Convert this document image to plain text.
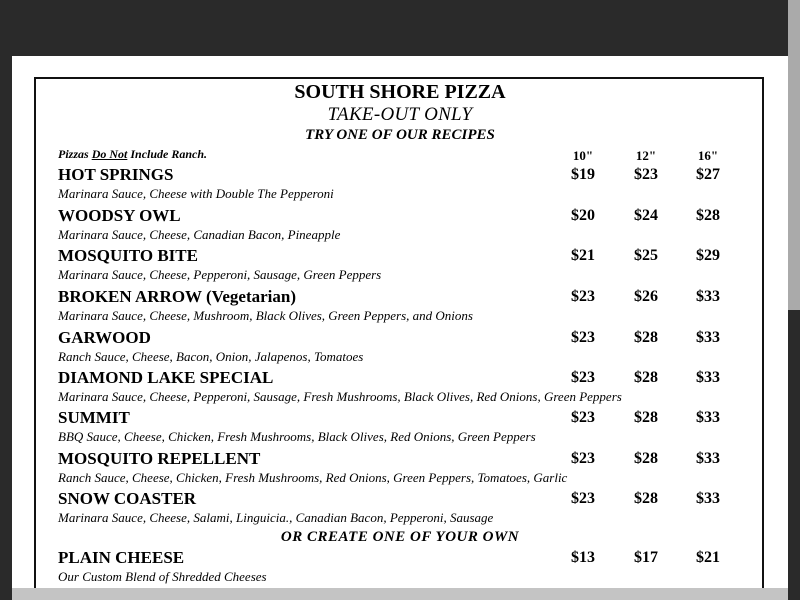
SOUTH SHORE PIZZA
TAKE-OUT ONLY
TRY ONE OF OUR RECIPES
Pizzas Do Not Include Ranch.	10"	12"	16"
HOT SPRINGS
Marinara Sauce, Cheese with Double The Pepperoni
$19	$23	$27
WOODSY OWL
Marinara Sauce, Cheese, Canadian Bacon, Pineapple
$20	$24	$28
MOSQUITO BITE
Marinara Sauce, Cheese, Pepperoni, Sausage, Green Peppers
$21	$25	$29
BROKEN ARROW (Vegetarian)
Marinara Sauce, Cheese, Mushroom, Black Olives, Green Peppers, and Onions
$23	$26	$33
GARWOOD
Ranch Sauce, Cheese, Bacon, Onion, Jalapenos, Tomatoes
$23	$28	$33
DIAMOND LAKE SPECIAL
Marinara Sauce, Cheese, Pepperoni, Sausage, Fresh Mushrooms, Black Olives, Red Onions, Green Peppers
$23	$28	$33
SUMMIT
BBQ Sauce, Cheese, Chicken, Fresh Mushrooms, Black Olives, Red Onions, Green Peppers
$23	$28	$33
MOSQUITO REPELLENT
Ranch Sauce, Cheese, Chicken, Fresh Mushrooms, Red Onions, Green Peppers, Tomatoes, Garlic
$23	$28	$33
SNOW COASTER
Marinara Sauce, Cheese, Salami, Linguicia., Canadian Bacon, Pepperoni, Sausage
$23	$28	$33
OR CREATE ONE OF YOUR OWN
PLAIN CHEESE
Our Custom Blend of Shredded Cheeses
$13	$17	$21
